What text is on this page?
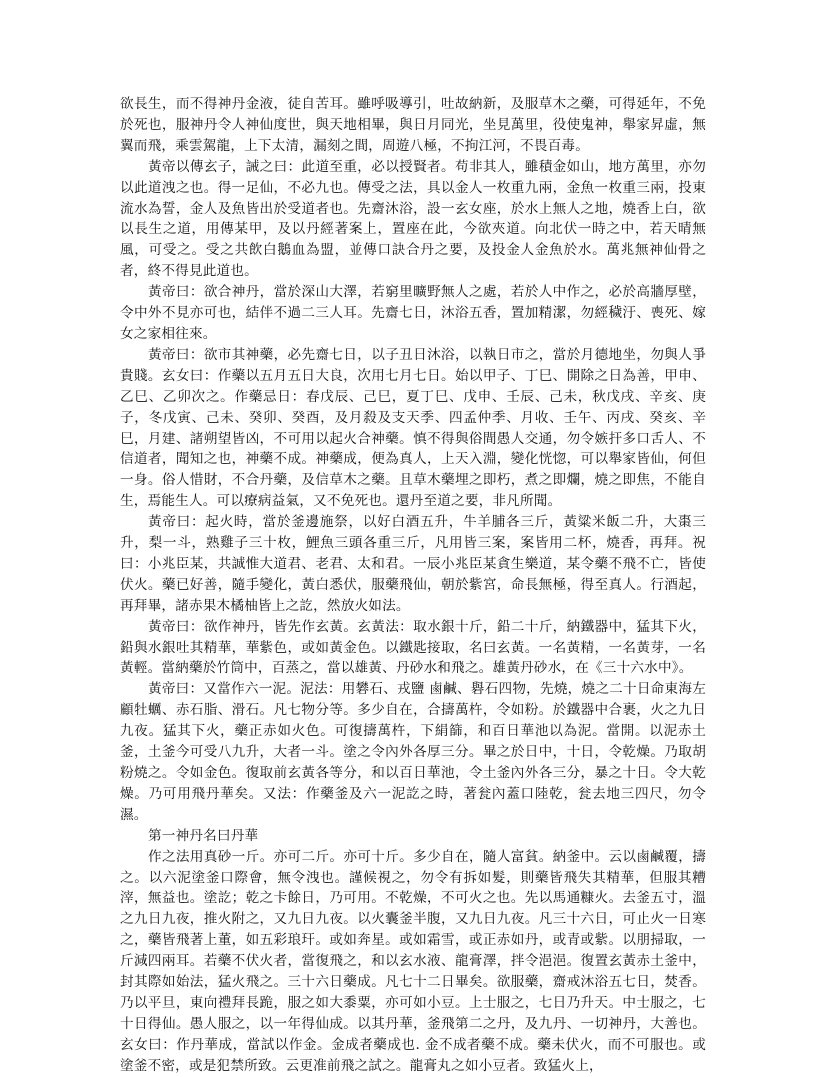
欲長生，而不得神丹金液，徒自苦耳。雖呼吸導引，吐故納新，及服草木之藥，可得延年，不免於死也，服神丹令人神仙度世，與天地相畢，與日月同光，坐見萬里，役使鬼神，舉家昇虛，無翼而飛，乘雲駕龍，上下太清，漏刻之間，周遊八極，不拘江河，不畏百毒。

黃帝以傳玄子，誡之曰：此道至重，必以授賢者。苟非其人，雖積金如山，地方萬里，亦勿以此道洩之也。得一足仙，不必九也。傳受之法，具以金人一枚重九兩，金魚一枚重三兩，投東流水為誓，金人及魚皆出於受道者也。先齋沐浴，設一玄女座，於水上無人之地，燒香上白，欲以長生之道，用傳某甲，及以丹經著案上，置座在此，今欲夾道。向北伏一時之中，若天晴無風，可受之。受之共飲白鵝血為盟，並傳口訣合丹之要，及投金人金魚於水。萬兆無神仙骨之者，終不得見此道也。

黃帝曰：欲合神丹，當於深山大澤，若窮里曠野無人之處，若於人中作之，必於高牆厚壁，令中外不見亦可也，結伴不過二三人耳。先齋七日，沐浴五香，置加精潔，勿經穢汙、喪死、嫁女之家相往來。

黃帝曰：欲市其神藥，必先齋七日，以子丑日沐浴，以執日市之，當於月德地坐，勿與人爭貴賤。玄女曰：作藥以五月五日大良，次用七月七日。始以甲子、丁巳、開除之日為善，甲申、乙巳、乙卯次之。作藥忌日：春戊辰、己巳，夏丁巳、戊申、壬辰、己未，秋戊戌、辛亥、庚子，冬戊寅、己未、癸卯、癸酉，及月殺及支天季、四孟仲季、月收、壬午、丙戌、癸亥、辛巳，月建、諸朔望皆凶，不可用以起火合神藥。慎不得與俗間愚人交通，勿令嫉扞多口舌人、不信道者，聞知之也，神藥不成。神藥成，便為真人，上天入淵，變化恍惚，可以舉家皆仙，何但一身。俗人惜財，不合丹藥，及信草木之藥。且草木藥埋之即朽，煮之即爛，燒之即焦，不能自生，焉能生人。可以療病益氣，又不免死也。還丹至道之要，非凡所聞。

黃帝曰：起火時，當於釜邊施祭，以好白酒五升，牛羊脯各三斤，黃粱米飯二升，大棗三升，梨一斗，熟雞子三十枚，鯉魚三頭各重三斤，凡用皆三案，案皆用二杯，燒香，再拜。祝曰：小兆臣某，共誠惟大道君、老君、太和君。一辰小兆臣某貪生樂道，某令藥不飛不亡，皆使伏火。藥已好善，隨手變化，黃白悉伏，服藥飛仙，朝於紫宮，命長無極，得至真人。行酒起，再拜畢，諸赤果木橘柚皆上之訖，然放火如法。

黃帝曰：欲作神丹，皆先作玄黃。玄黃法：取水銀十斤，鉛二十斤，納鐵器中，猛其下火，鉛與水銀吐其精華，華紫色，或如黃金色。以鐵匙接取，名曰玄黃。一名黃精，一名黃芽，一名黃輕。當納藥於竹筒中，百蒸之，當以雄黃、丹砂水和飛之。雄黃丹砂水，在《三十六水中》。

黃帝曰：又當作六一泥。泥法：用礬石、戎鹽 鹵鹹、礜石四物，先燒，燒之二十日命東海左顧牡蠣、赤石脂、滑石。凡七物分等。多少自在，合擣萬杵，令如粉。於鐵器中合裹，火之九日九夜。猛其下火，藥正赤如火色。可復擣萬杵，下絹篩，和百日華池以為泥。當開。以泥赤土釜，土釜今可受八九升，大者一斗。塗之令內外各厚三分。畢之於日中，十日，令乾燥。乃取胡粉燒之。令如金色。復取前玄黃各等分，和以百日華池，令土釜內外各三分，暴之十日。令大乾燥。乃可用飛丹華矣。又法：作藥釜及六一泥訖之時，著瓮內蓋口陸乾，瓮去地三四尺，勿令濕。

第一神丹名曰丹華

作之法用真砂一斤。亦可二斤。亦可十斤。多少自在，隨人富貧。納釜中。云以鹵鹹覆，擣之。以六泥塗釜口際會，無令洩也。謹候視之，勿令有拆如髮，則藥皆飛失其精華，但服其糟滓，無益也。塗訖；乾之卡餘日，乃可用。不乾燥，不可火之也。先以馬通糠火。去釜五寸，溫之九日九夜，推火附之，又九日九夜。以火囊釜半腹，又九日九夜。凡三十六日，可止火一日寒之，藥皆飛著上董，如五彩琅玕。或如奔星。或如霜雪，或正赤如丹，或青或紫。以朋掃取，一斤減四兩耳。若藥不伏火者，當復飛之，和以玄水液、龍膏澤，拌令浥浥。復置玄黃赤土釜中，封其際如始法，猛火飛之。三十六日藥成。凡七十二日畢矣。欲服藥，齋戒沐浴五七日，焚香。乃以平旦，東向禮拜長跪，服之如大黍粟，亦可如小豆。上士服之，七日乃升天。中士服之，七十日得仙。愚人服之，以一年得仙成。以其丹華，釜飛第二之丹，及九丹、一切神丹，大善也。玄女曰：作丹華成，當試以作金。金成者藥成也. 金不成者藥不成。藥未伏火，而不可服也。或塗釜不密，或是犯禁所致。云更准前飛之試之。龍膏丸之如小豆者。致猛火上，
